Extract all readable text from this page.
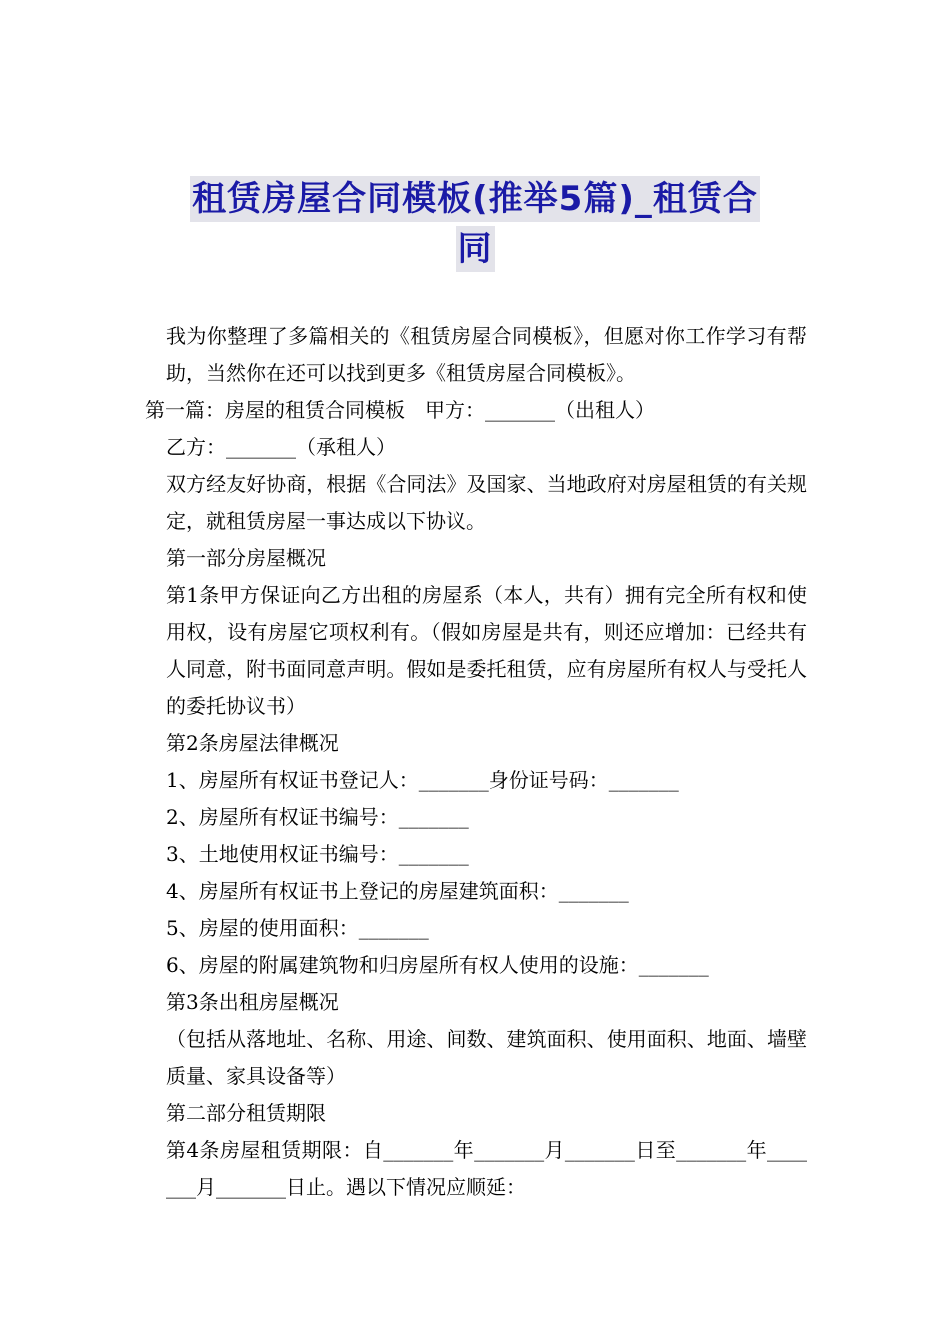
租赁房屋合同模板(推举5篇)_租赁合
同

我为你整理了多篇相关的《租赁房屋合同模板》，但愿对你工作学习有帮助，当然你在还可以找到更多《租赁房屋合同模板》。

第一篇：房屋的租赁合同模板　甲方：_______（出租人）

乙方：_______（承租人）

双方经友好协商，根据《合同法》及国家、当地政府对房屋租赁的有关规定，就租赁房屋一事达成以下协议。

第一部分房屋概况

第1条甲方保证向乙方出租的房屋系（本人，共有）拥有完全所有权和使用权，设有房屋它项权利有。（假如房屋是共有，则还应增加：已经共有人同意，附书面同意声明。假如是委托租赁，应有房屋所有权人与受托人的委托协议书）

第2条房屋法律概况

1、房屋所有权证书登记人：_______身份证号码：_______

2、房屋所有权证书编号：_______

3、土地使用权证书编号：_______

4、房屋所有权证书上登记的房屋建筑面积：_______

5、房屋的使用面积：_______

6、房屋的附属建筑物和归房屋所有权人使用的设施：_______

第3条出租房屋概况

（包括从落地址、名称、用途、间数、建筑面积、使用面积、地面、墙壁质量、家具设备等）

第二部分租赁期限

第4条房屋租赁期限：自_______年_______月_______日至_______年_______月_______日止。遇以下情况应顺延：
